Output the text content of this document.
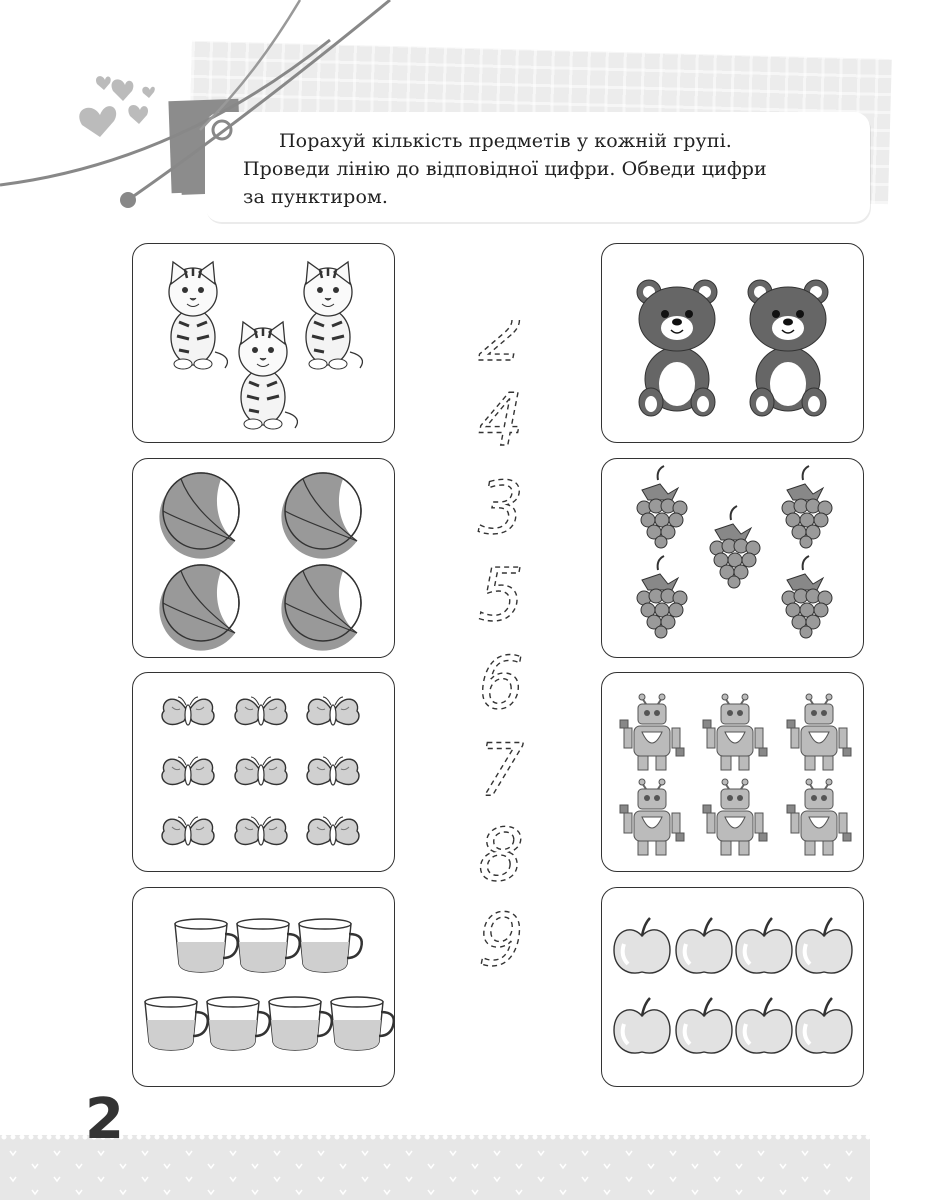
Порахуй кількість предметів у кожній групі.

Проведи лінію до відповідної цифри. Обведи цифри

за пунктиром.

2
4
3
5
6
7
8
9
2
